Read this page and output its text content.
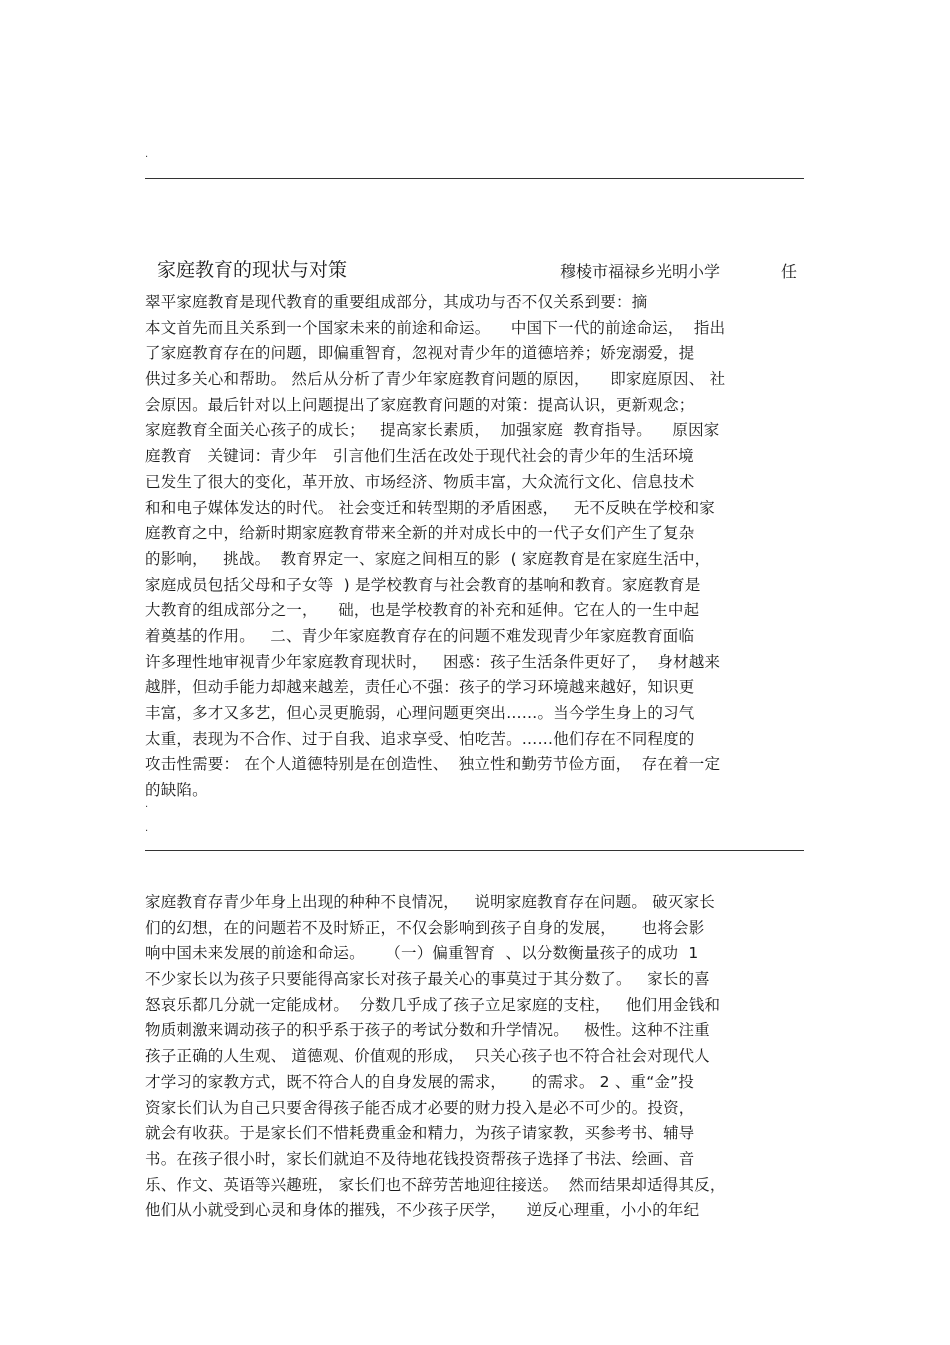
.
家庭教育的现状与对策	穆棱市福禄乡光明小学	任
翠平家庭教育是现代教育的重要组成部分，其成功与否不仅关系到要：摘
本文首先而且关系到一个国家未来的前途和命运。    中国下一代的前途命运，  指出
了家庭教育存在的问题，即偏重智育，忽视对青少年的道德培养；娇宠溺爱，提
供过多关心和帮助。 然后从分析了青少年家庭教育问题的原因，    即家庭原因、 社
会原因。最后针对以上问题提出了家庭教育问题的对策：提高认识，更新观念；
家庭教育全面关心孩子的成长；   提高家长素质，  加强家庭  教育指导。    原因家
庭教育   关键词：青少年   引言他们生活在改处于现代社会的青少年的生活环境
已发生了很大的变化，革开放、市场经济、物质丰富，大众流行文化、信息技术
和和电子媒体发达的时代。 社会变迁和转型期的矛盾困惑，   无不反映在学校和家
庭教育之中，给新时期家庭教育带来全新的并对成长中的一代子女们产生了复杂
的影响，   挑战。  教育界定一、家庭之间相互的影  ( 家庭教育是在家庭生活中，
家庭成员包括父母和子女等  ) 是学校教育与社会教育的基响和教育。家庭教育是
大教育的组成部分之一，    础，也是学校教育的补充和延伸。它在人的一生中起
着奠基的作用。   二、青少年家庭教育存在的问题不难发现青少年家庭教育面临
许多理性地审视青少年家庭教育现状时，   困惑：孩子生活条件更好了，  身材越来
越胖，但动手能力却越来越差，责任心不强：孩子的学习环境越来越好，知识更
丰富，多才又多艺，但心灵更脆弱，心理问题更突出……。当今学生身上的习气
太重，表现为不合作、过于自我、追求享受、怕吃苦。……他们存在不同程度的
攻击性需要： 在个人道德特别是在创造性、  独立性和勤劳节俭方面，  存在着一定
的缺陷。
.
.
家庭教育存青少年身上出现的种种不良情况，   说明家庭教育存在问题。 破灭家长
们的幻想，在的问题若不及时矫正，不仅会影响到孩子自身的发展，     也将会影
响中国未来发展的前途和命运。    （一）偏重智育  、以分数衡量孩子的成功  1
不少家长以为孩子只要能得高家长对孩子最关心的事莫过于其分数了。   家长的喜
怒哀乐都几分就一定能成材。  分数几乎成了孩子立足家庭的支柱，   他们用金钱和
物质刺激来调动孩子的积乎系于孩子的考试分数和升学情况。   极性。这种不注重
孩子正确的人生观、 道德观、价值观的形成，  只关心孩子也不符合社会对现代人
才学习的家教方式，既不符合人的自身发展的需求，     的需求。 2 、重“金”投
资家长们认为自己只要舍得孩子能否成才必要的财力投入是必不可少的。投资，
就会有收获。于是家长们不惜耗费重金和精力，为孩子请家教，买参考书、辅导
书。在孩子很小时，家长们就迫不及待地花钱投资帮孩子选择了书法、绘画、音
乐、作文、英语等兴趣班， 家长们也不辞劳苦地迎往接送。  然而结果却适得其反，
他们从小就受到心灵和身体的摧残，不少孩子厌学，    逆反心理重，小小的年纪
